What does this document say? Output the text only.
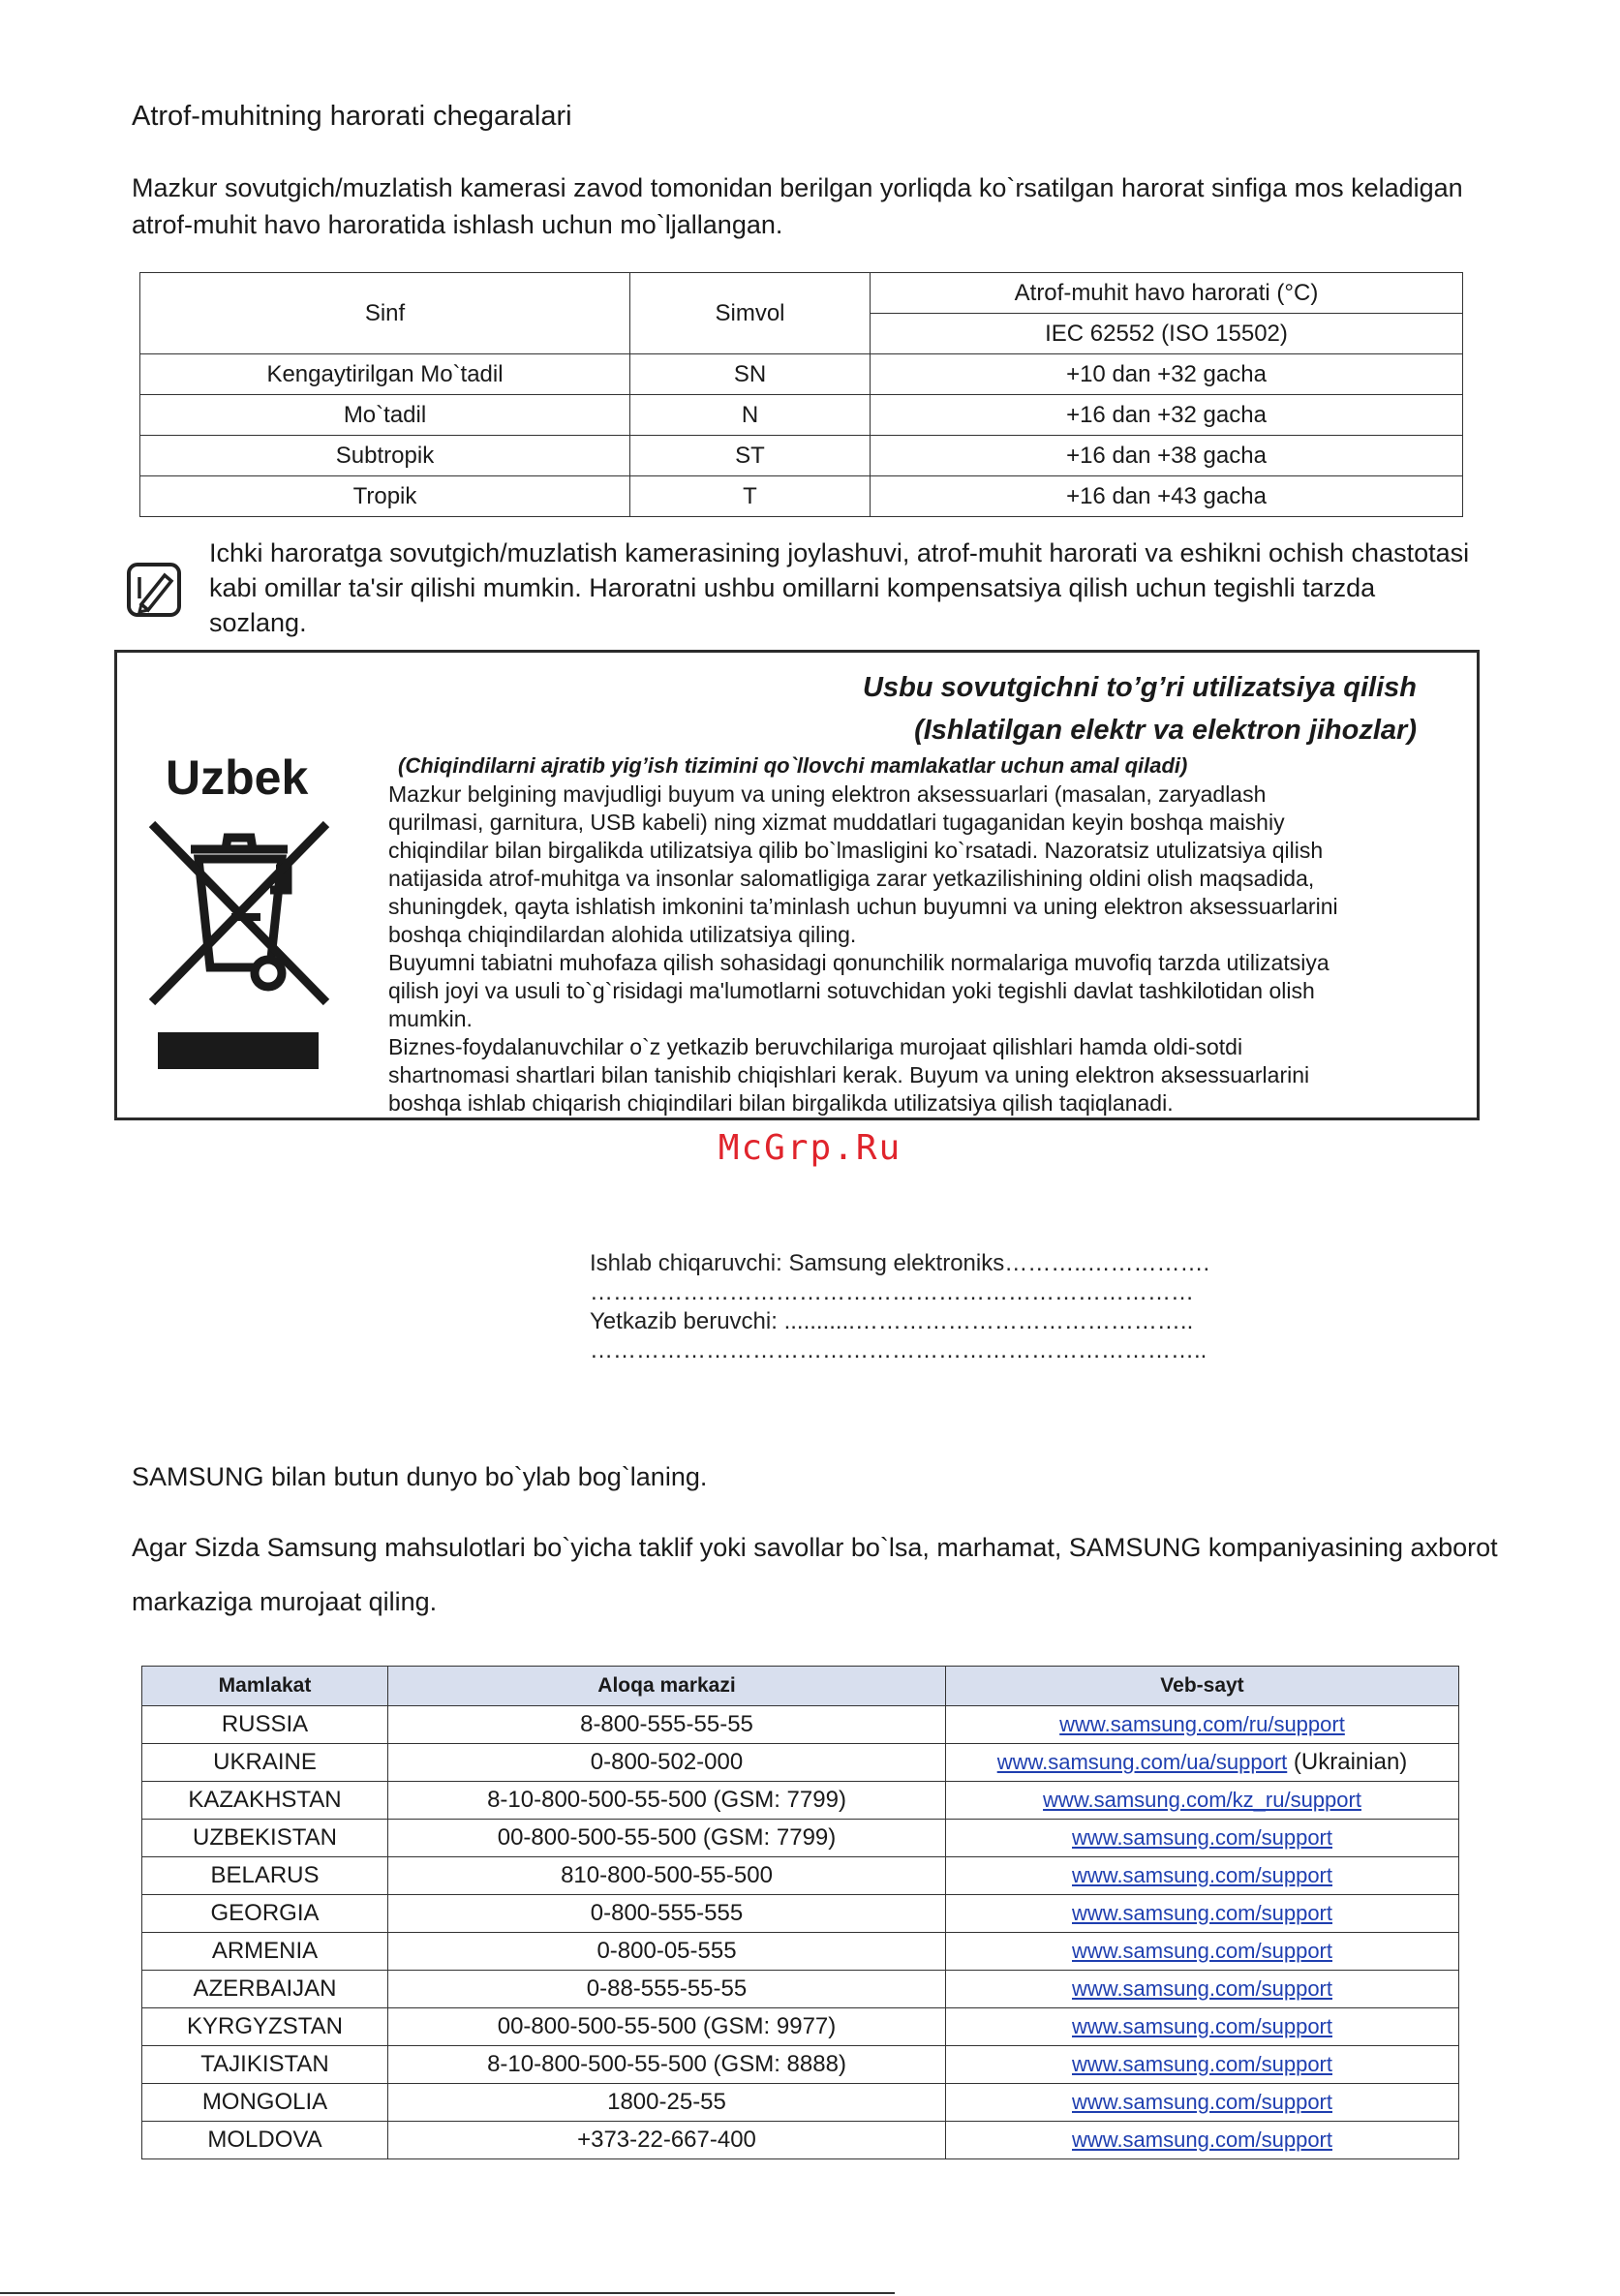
Atrof-muhitning harorati chegaralari
Mazkur sovutgich/muzlatish kamerasi zavod tomonidan berilgan yorliqda ko`rsatilgan harorat sinfiga mos keladigan atrof-muhit havo haroratida ishlash uchun mo`ljallangan.
Sinf	Simvol	Atrof-muhit havo harorati (°C)
		IEC 62552 (ISO 15502)
Kengaytirilgan Mo`tadil	SN	+10 dan +32 gacha
Mo`tadil	N	+16 dan +32 gacha
Subtropik	ST	+16 dan +38 gacha
Tropik	T	+16 dan +43 gacha
Ichki haroratga sovutgich/muzlatish kamerasining joylashuvi, atrof-muhit harorati va eshikni ochish chastotasi kabi omillar ta'sir qilishi mumkin. Haroratni ushbu omillarni kompensatsiya qilish uchun tegishli tarzda sozlang.
Usbu sovutgichni to’g’ri utilizatsiya qilish
(Ishlatilgan elektr va elektron jihozlar)
Uzbek	(Chiqindilarni ajratib yig’ish tizimini qo`llovchi mamlakatlar uchun amal qiladi)
Mazkur belgining mavjudligi buyum va uning elektron aksessuarlari (masalan, zaryadlash
qurilmasi, garnitura, USB kabeli) ning xizmat muddatlari tugaganidan keyin boshqa maishiy
chiqindilar bilan birgalikda utilizatsiya qilib bo`lmasligini ko`rsatadi. Nazoratsiz utulizatsiya qilish
natijasida atrof-muhitga va insonlar salomatligiga zarar yetkazilishining oldini olish maqsadida,
shuningdek, qayta ishlatish imkonini ta’minlash uchun buyumni va uning elektron aksessuarlarini
boshqa chiqindilardan alohida utilizatsiya qiling.
Buyumni tabiatni muhofaza qilish sohasidagi qonunchilik normalariga muvofiq tarzda utilizatsiya
qilish joyi va usuli to`g`risidagi ma'lumotlarni sotuvchidan yoki tegishli davlat tashkilotidan olish
mumkin.
Biznes-foydalanuvchilar o`z yetkazib beruvchilariga murojaat qilishlari hamda oldi-sotdi
shartnomasi shartlari bilan tanishib chiqishlari kerak. Buyum va uning elektron aksessuarlarini
boshqa ishlab chiqarish chiqindilari bilan birgalikda utilizatsiya qilish taqiqlanadi.
McGrp.Ru
Ishlab chiqaruvchi: Samsung elektroniks………..…………….
……………………………………………………………………
Yetkazib beruvchi: ...........……………………………………..
……………………………………………………………………..
SAMSUNG bilan butun dunyo bo`ylab bog`laning.
Agar Sizda Samsung mahsulotlari bo`yicha taklif yoki savollar bo`lsa, marhamat, SAMSUNG kompaniyasining axborot markaziga murojaat qiling.
Mamlakat	Aloqa markazi	Veb-sayt
RUSSIA	8-800-555-55-55	www.samsung.com/ru/support
UKRAINE	0-800-502-000	www.samsung.com/ua/support (Ukrainian)
KAZAKHSTAN	8-10-800-500-55-500 (GSM: 7799)	www.samsung.com/kz_ru/support
UZBEKISTAN	00-800-500-55-500 (GSM: 7799)	www.samsung.com/support
BELARUS	810-800-500-55-500	www.samsung.com/support
GEORGIA	0-800-555-555	www.samsung.com/support
ARMENIA	0-800-05-555	www.samsung.com/support
AZERBAIJAN	0-88-555-55-55	www.samsung.com/support
KYRGYZSTAN	00-800-500-55-500 (GSM: 9977)	www.samsung.com/support
TAJIKISTAN	8-10-800-500-55-500 (GSM: 8888)	www.samsung.com/support
MONGOLIA	1800-25-55	www.samsung.com/support
MOLDOVA	+373-22-667-400	www.samsung.com/support
